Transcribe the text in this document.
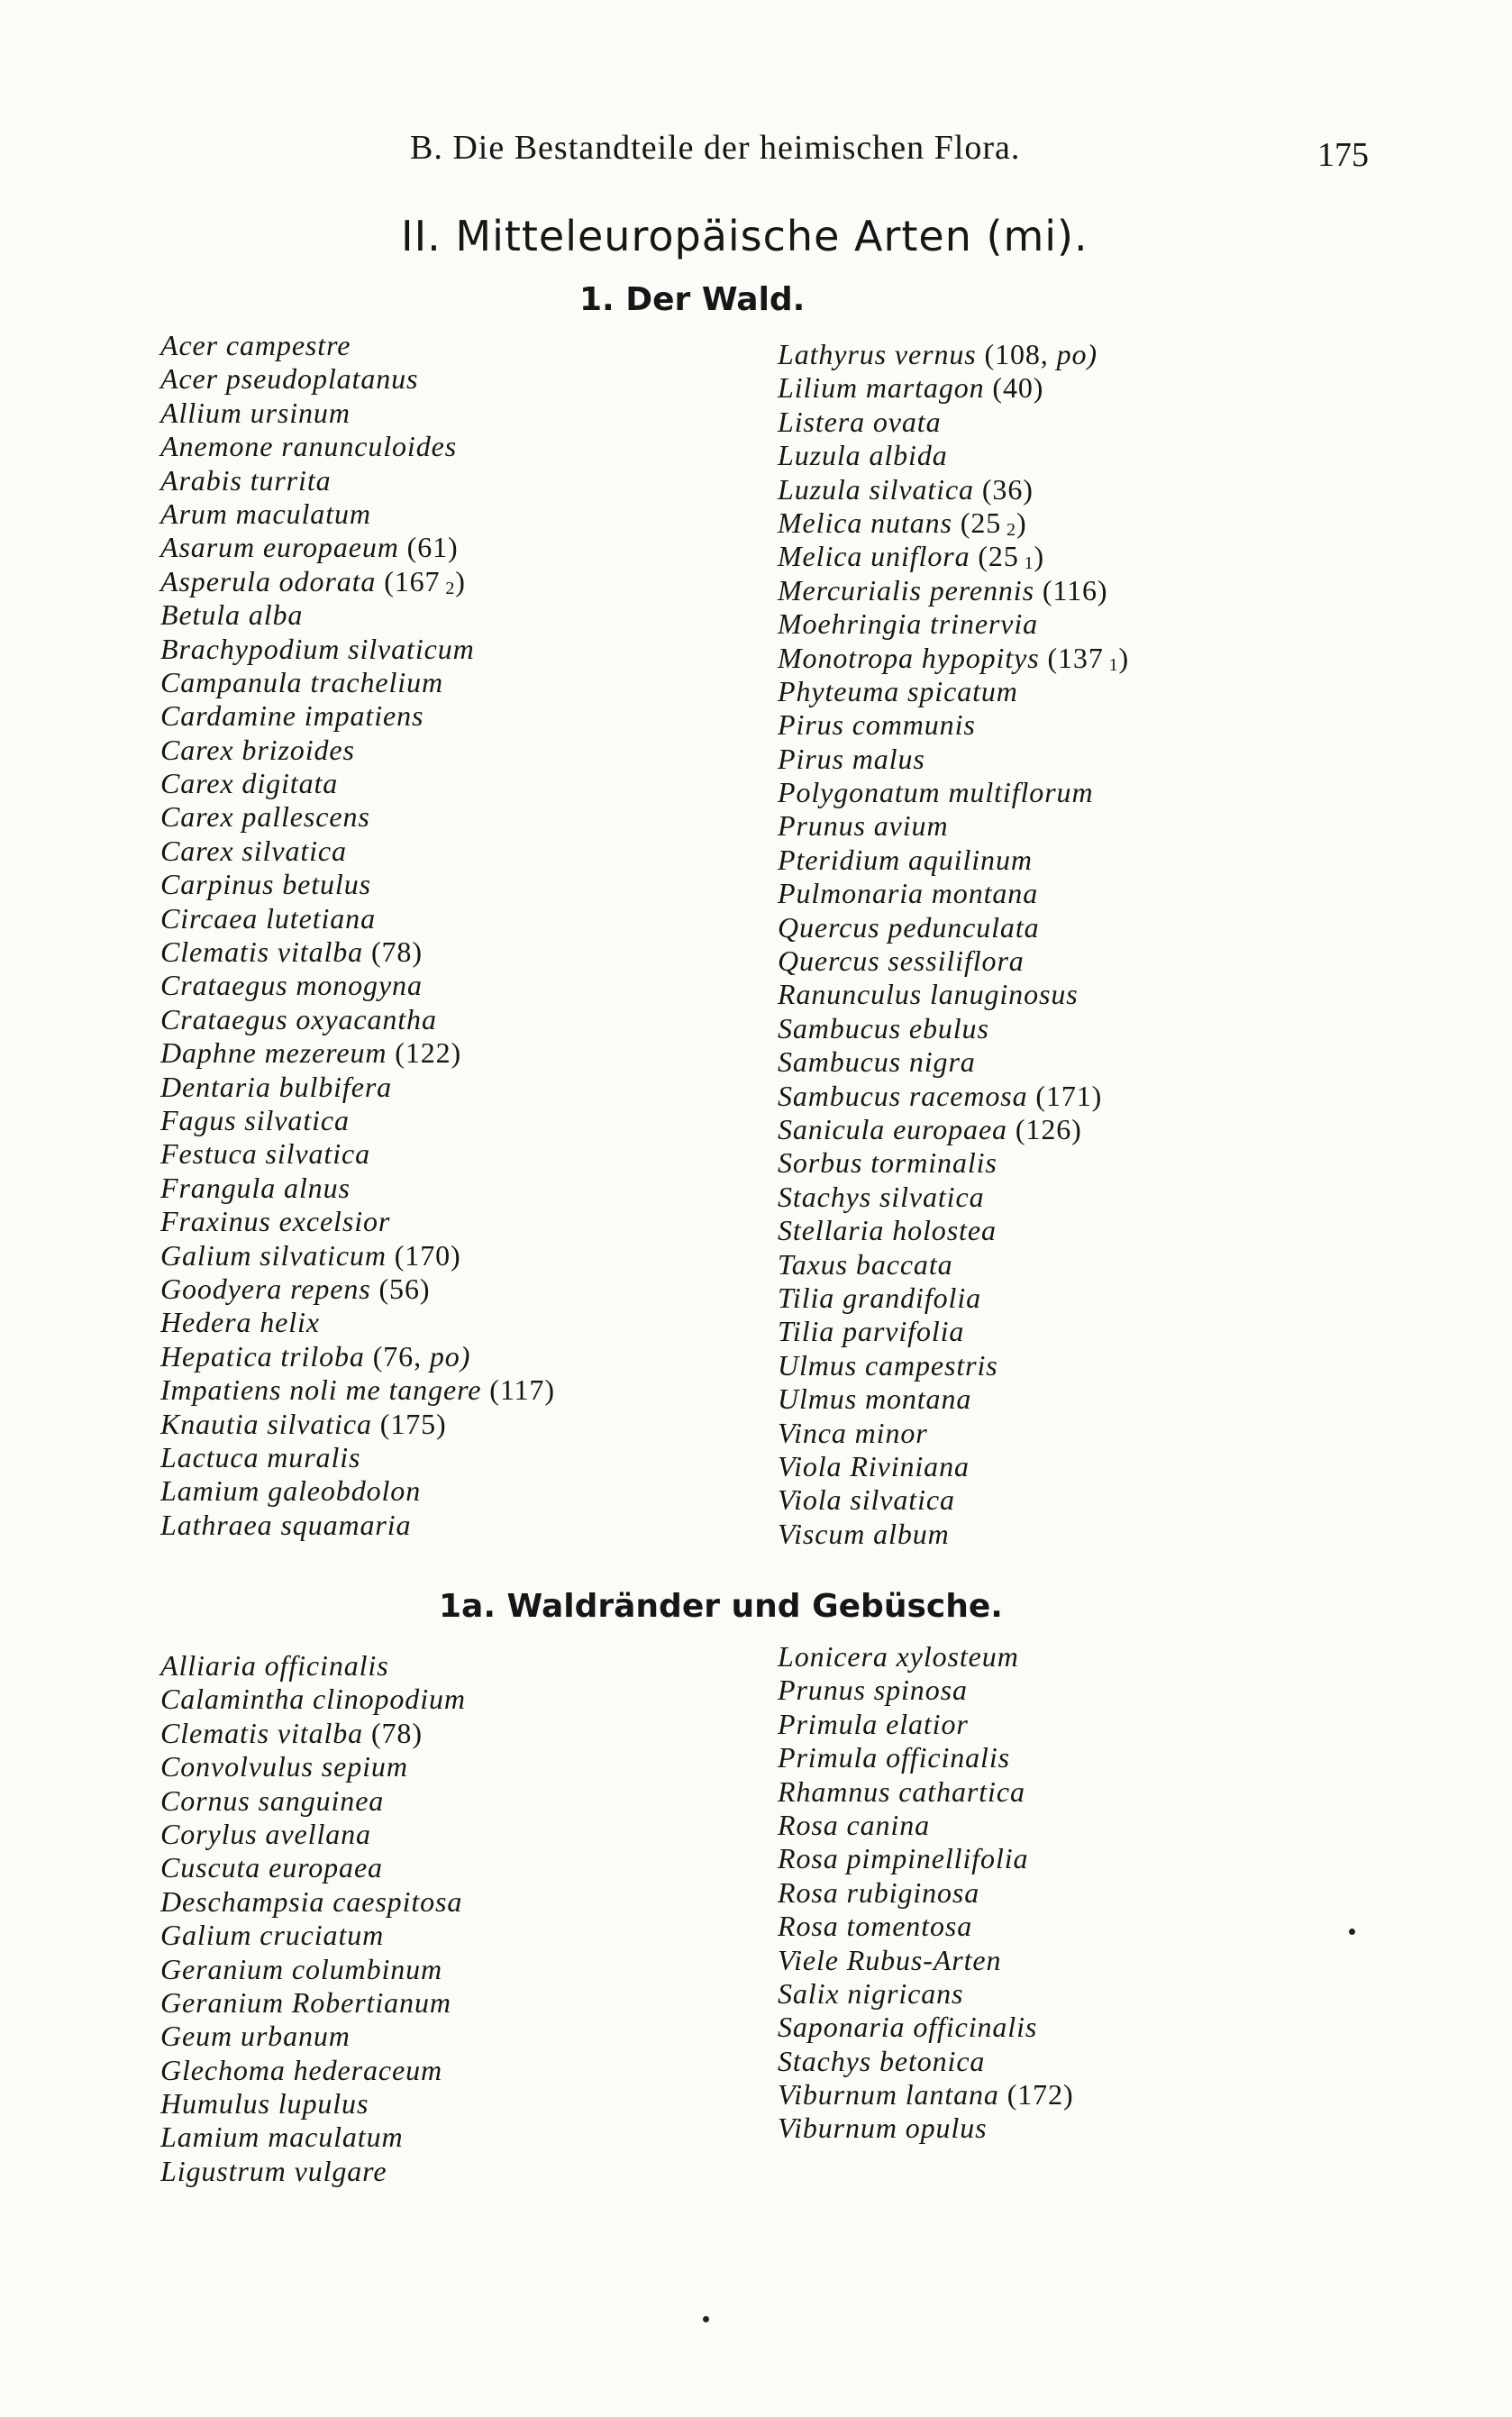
B. Die Bestandteile der heimischen Flora.	175
II. Mitteleuropäische Arten (mi).
1. Der Wald.
Acer campestre
Acer pseudoplatanus
Allium ursinum
Anemone ranunculoides
Arabis turrita
Arum maculatum
Asarum europaeum (61)
Asperula odorata (167 2)
Betula alba
Brachypodium silvaticum
Campanula trachelium
Cardamine impatiens
Carex brizoides
Carex digitata
Carex pallescens
Carex silvatica
Carpinus betulus
Circaea lutetiana
Clematis vitalba (78)
Crataegus monogyna
Crataegus oxyacantha
Daphne mezereum (122)
Dentaria bulbifera
Fagus silvatica
Festuca silvatica
Frangula alnus
Fraxinus excelsior
Galium silvaticum (170)
Goodyera repens (56)
Hedera helix
Hepatica triloba (76, po)
Impatiens noli me tangere (117)
Knautia silvatica (175)
Lactuca muralis
Lamium galeobdolon
Lathraea squamaria
Lathyrus vernus (108, po)
Lilium martagon (40)
Listera ovata
Luzula albida
Luzula silvatica (36)
Melica nutans (25 2)
Melica uniflora (25 1)
Mercurialis perennis (116)
Moehringia trinervia
Monotropa hypopitys (137 1)
Phyteuma spicatum
Pirus communis
Pirus malus
Polygonatum multiflorum
Prunus avium
Pteridium aquilinum
Pulmonaria montana
Quercus pedunculata
Quercus sessiliflora
Ranunculus lanuginosus
Sambucus ebulus
Sambucus nigra
Sambucus racemosa (171)
Sanicula europaea (126)
Sorbus torminalis
Stachys silvatica
Stellaria holostea
Taxus baccata
Tilia grandifolia
Tilia parvifolia
Ulmus campestris
Ulmus montana
Vinca minor
Viola Riviniana
Viola silvatica
Viscum album
1a. Waldränder und Gebüsche.
Alliaria officinalis
Calamintha clinopodium
Clematis vitalba (78)
Convolvulus sepium
Cornus sanguinea
Corylus avellana
Cuscuta europaea
Deschampsia caespitosa
Galium cruciatum
Geranium columbinum
Geranium Robertianum
Geum urbanum
Glechoma hederaceum
Humulus lupulus
Lamium maculatum
Ligustrum vulgare
Lonicera xylosteum
Prunus spinosa
Primula elatior
Primula officinalis
Rhamnus cathartica
Rosa canina
Rosa pimpinellifolia
Rosa rubiginosa
Rosa tomentosa
Viele Rubus-Arten
Salix nigricans
Saponaria officinalis
Stachys betonica
Viburnum lantana (172)
Viburnum opulus
